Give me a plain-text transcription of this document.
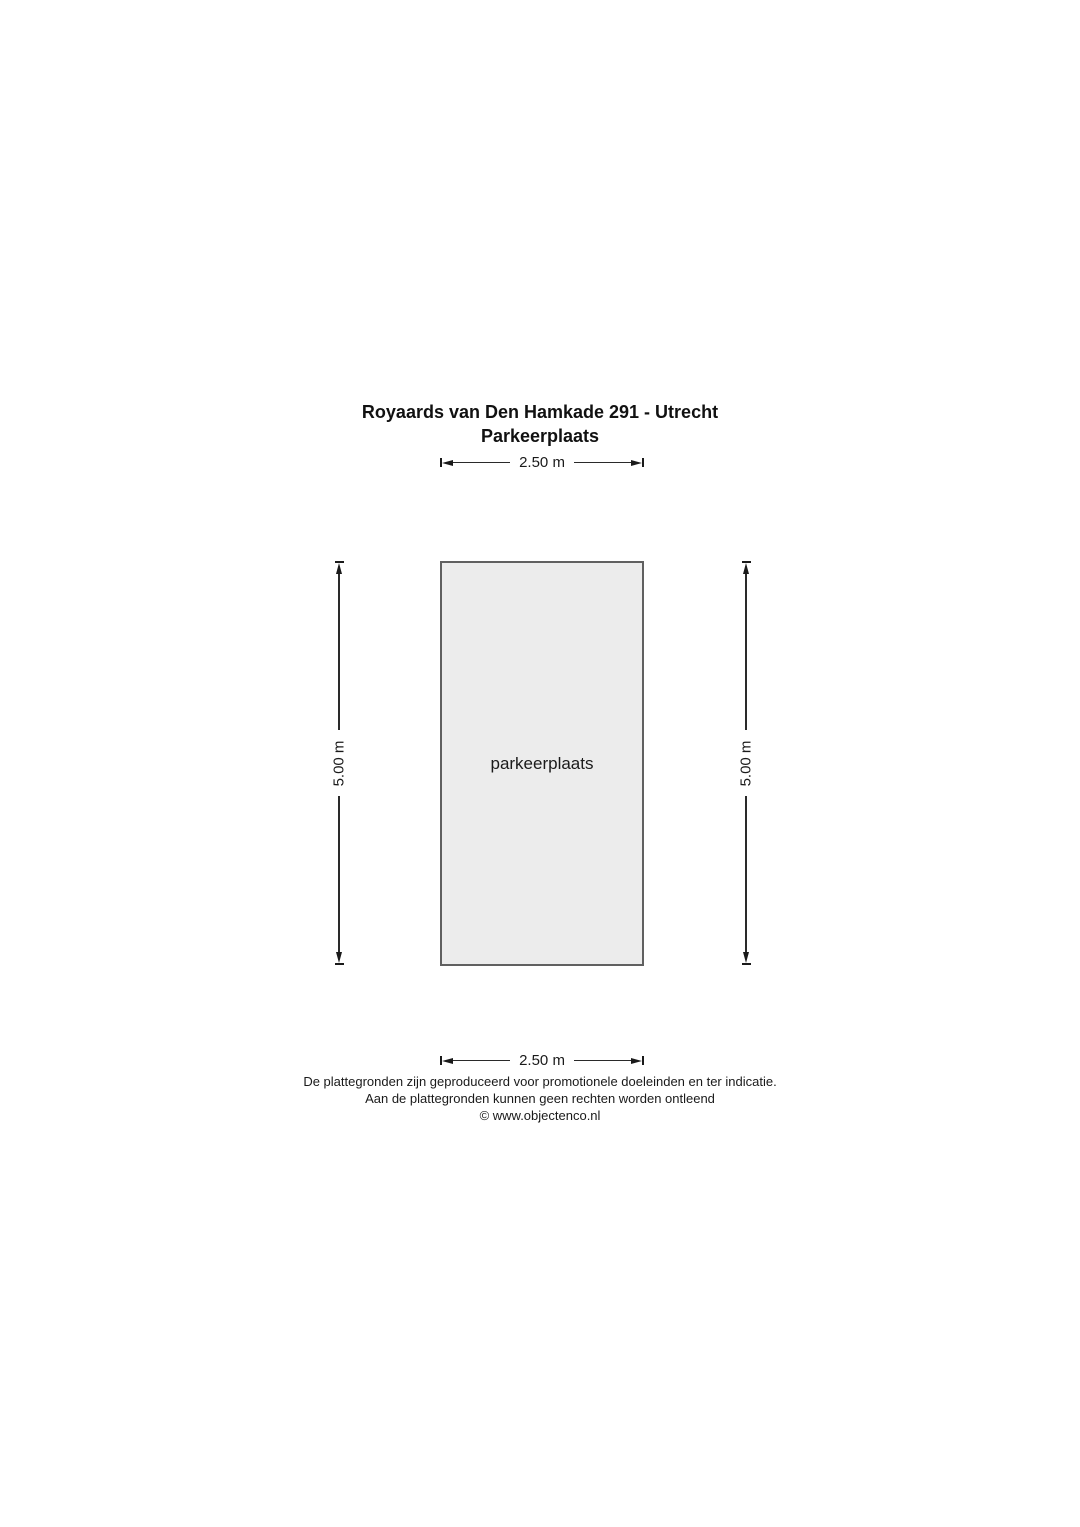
Royaards van Den Hamkade 291 - Utrecht
Parkeerplaats
2.50 m
5.00 m	parkeerplaats	5.00 m
2.50 m
De plattegronden zijn geproduceerd voor promotionele doeleinden en ter indicatie.
Aan de plattegronden kunnen geen rechten worden ontleend
© www.objectenco.nl
